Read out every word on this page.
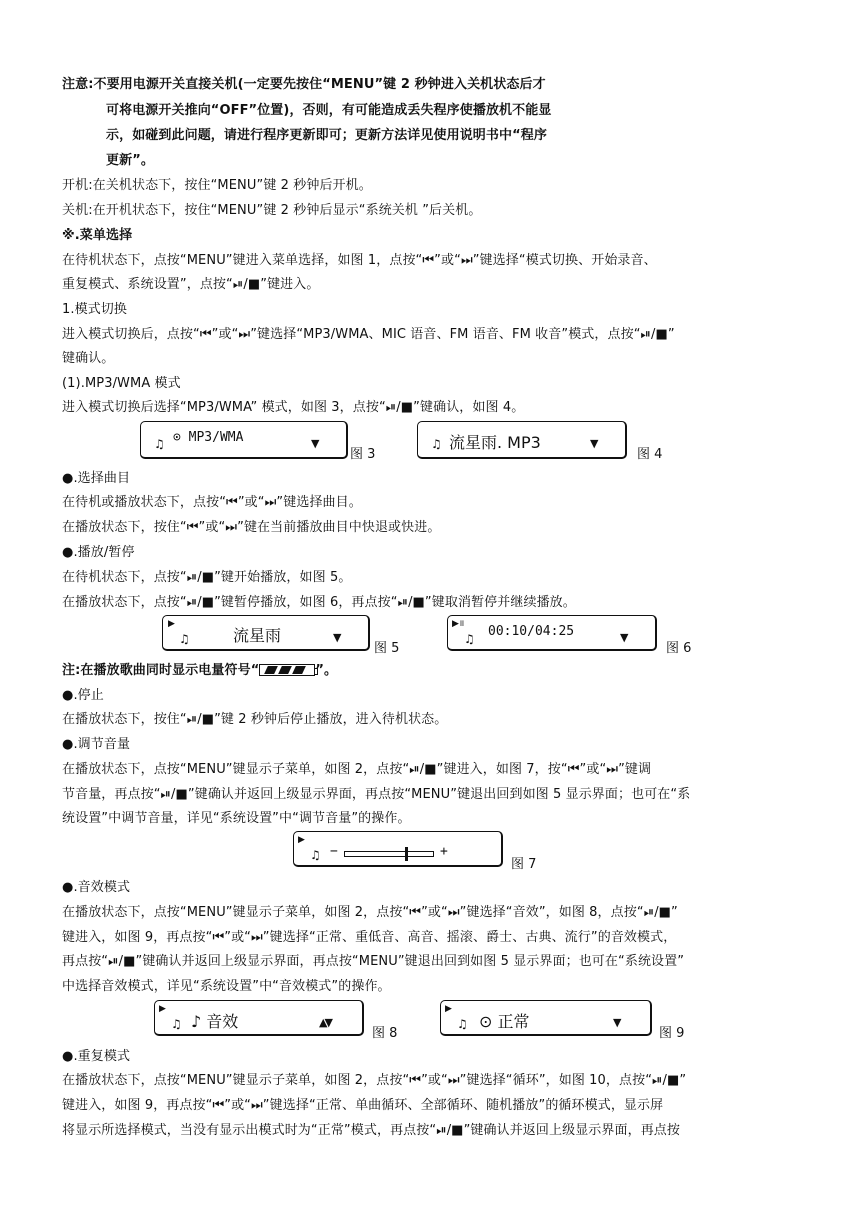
注意:不要用电源开关直接关机(一定要先按住“MENU”键 2 秒钟进入关机状态后才
可将电源开关推向“OFF”位置)，否则，有可能造成丢失程序使播放机不能显
示，如碰到此问题，请进行程序更新即可；更新方法详见使用说明书中“程序
更新”。
开机:在关机状态下，按住“MENU”键 2 秒钟后开机。
关机:在开机状态下，按住“MENU”键 2 秒钟后显示“系统关机 ”后关机。
※.菜单选择
在待机状态下，点按“MENU”键进入菜单选择，如图 1，点按“⏮”或“⏭”键选择“模式切换、开始录音、
重复模式、系统设置”，点按“⏯/■”键进入。
1.模式切换
进入模式切换后，点按“⏮”或“⏭”键选择“MP3/WMA、MIC 语音、FM 语音、FM 收音”模式，点按“⏯/■”
键确认。
(1).MP3/WMA 模式
进入模式切换后选择“MP3/WMA” 模式，如图 3，点按“⏯/■”键确认，如图 4。
♫ ⊙ MP3/WMA	▼
图 3
♫ 流星雨. MP3	▼
图 4
●.选择曲目
在待机或播放状态下，点按“⏮”或“⏭”键选择曲目。
在播放状态下，按住“⏮”或“⏭”键在当前播放曲目中快退或快进。
●.播放/暂停
在待机状态下，点按“⏯/■”键开始播放，如图 5。
在播放状态下，点按“⏯/■”键暂停播放，如图 6，再点按“⏯/■”键取消暂停并继续播放。
▶
♫	流星雨	▼
图 5
▶॥
♫ 00:10/04:25	▼
图 6
注:在播放歌曲同时显示电量符号“	”。
●.停止
在播放状态下，按住“⏯/■”键 2 秒钟后停止播放，进入待机状态。
●.调节音量
在播放状态下，点按“MENU”键显示子菜单，如图 2，点按“⏯/■”键进入，如图 7，按“⏮”或“⏭”键调
节音量，再点按“⏯/■”键确认并返回上级显示界面，再点按“MENU”键退出回到如图 5 显示界面；也可在“系
统设置”中调节音量，详见“系统设置”中“调节音量”的操作。
▶
♫ −	+
图 7
●.音效模式
在播放状态下，点按“MENU”键显示子菜单，如图 2，点按“⏮”或“⏭”键选择“音效”，如图 8，点按“⏯/■”
键进入，如图 9，再点按“⏮”或“⏭”键选择“正常、重低音、高音、摇滚、爵士、古典、流行”的音效模式，
再点按“⏯/■”键确认并返回上级显示界面，再点按“MENU”键退出回到如图 5 显示界面；也可在“系统设置”
中选择音效模式，详见“系统设置”中“音效模式”的操作。
▶
♫ ♪ 音效	▲▼
图 8
▶
♫ ⊙ 正常	▼
图 9
●.重复模式
在播放状态下，点按“MENU”键显示子菜单，如图 2，点按“⏮”或“⏭”键选择“循环”，如图 10，点按“⏯/■”
键进入，如图 9，再点按“⏮”或“⏭”键选择“正常、单曲循环、全部循环、随机播放”的循环模式，显示屏
将显示所选择模式，当没有显示出模式时为“正常”模式，再点按“⏯/■”键确认并返回上级显示界面，再点按
